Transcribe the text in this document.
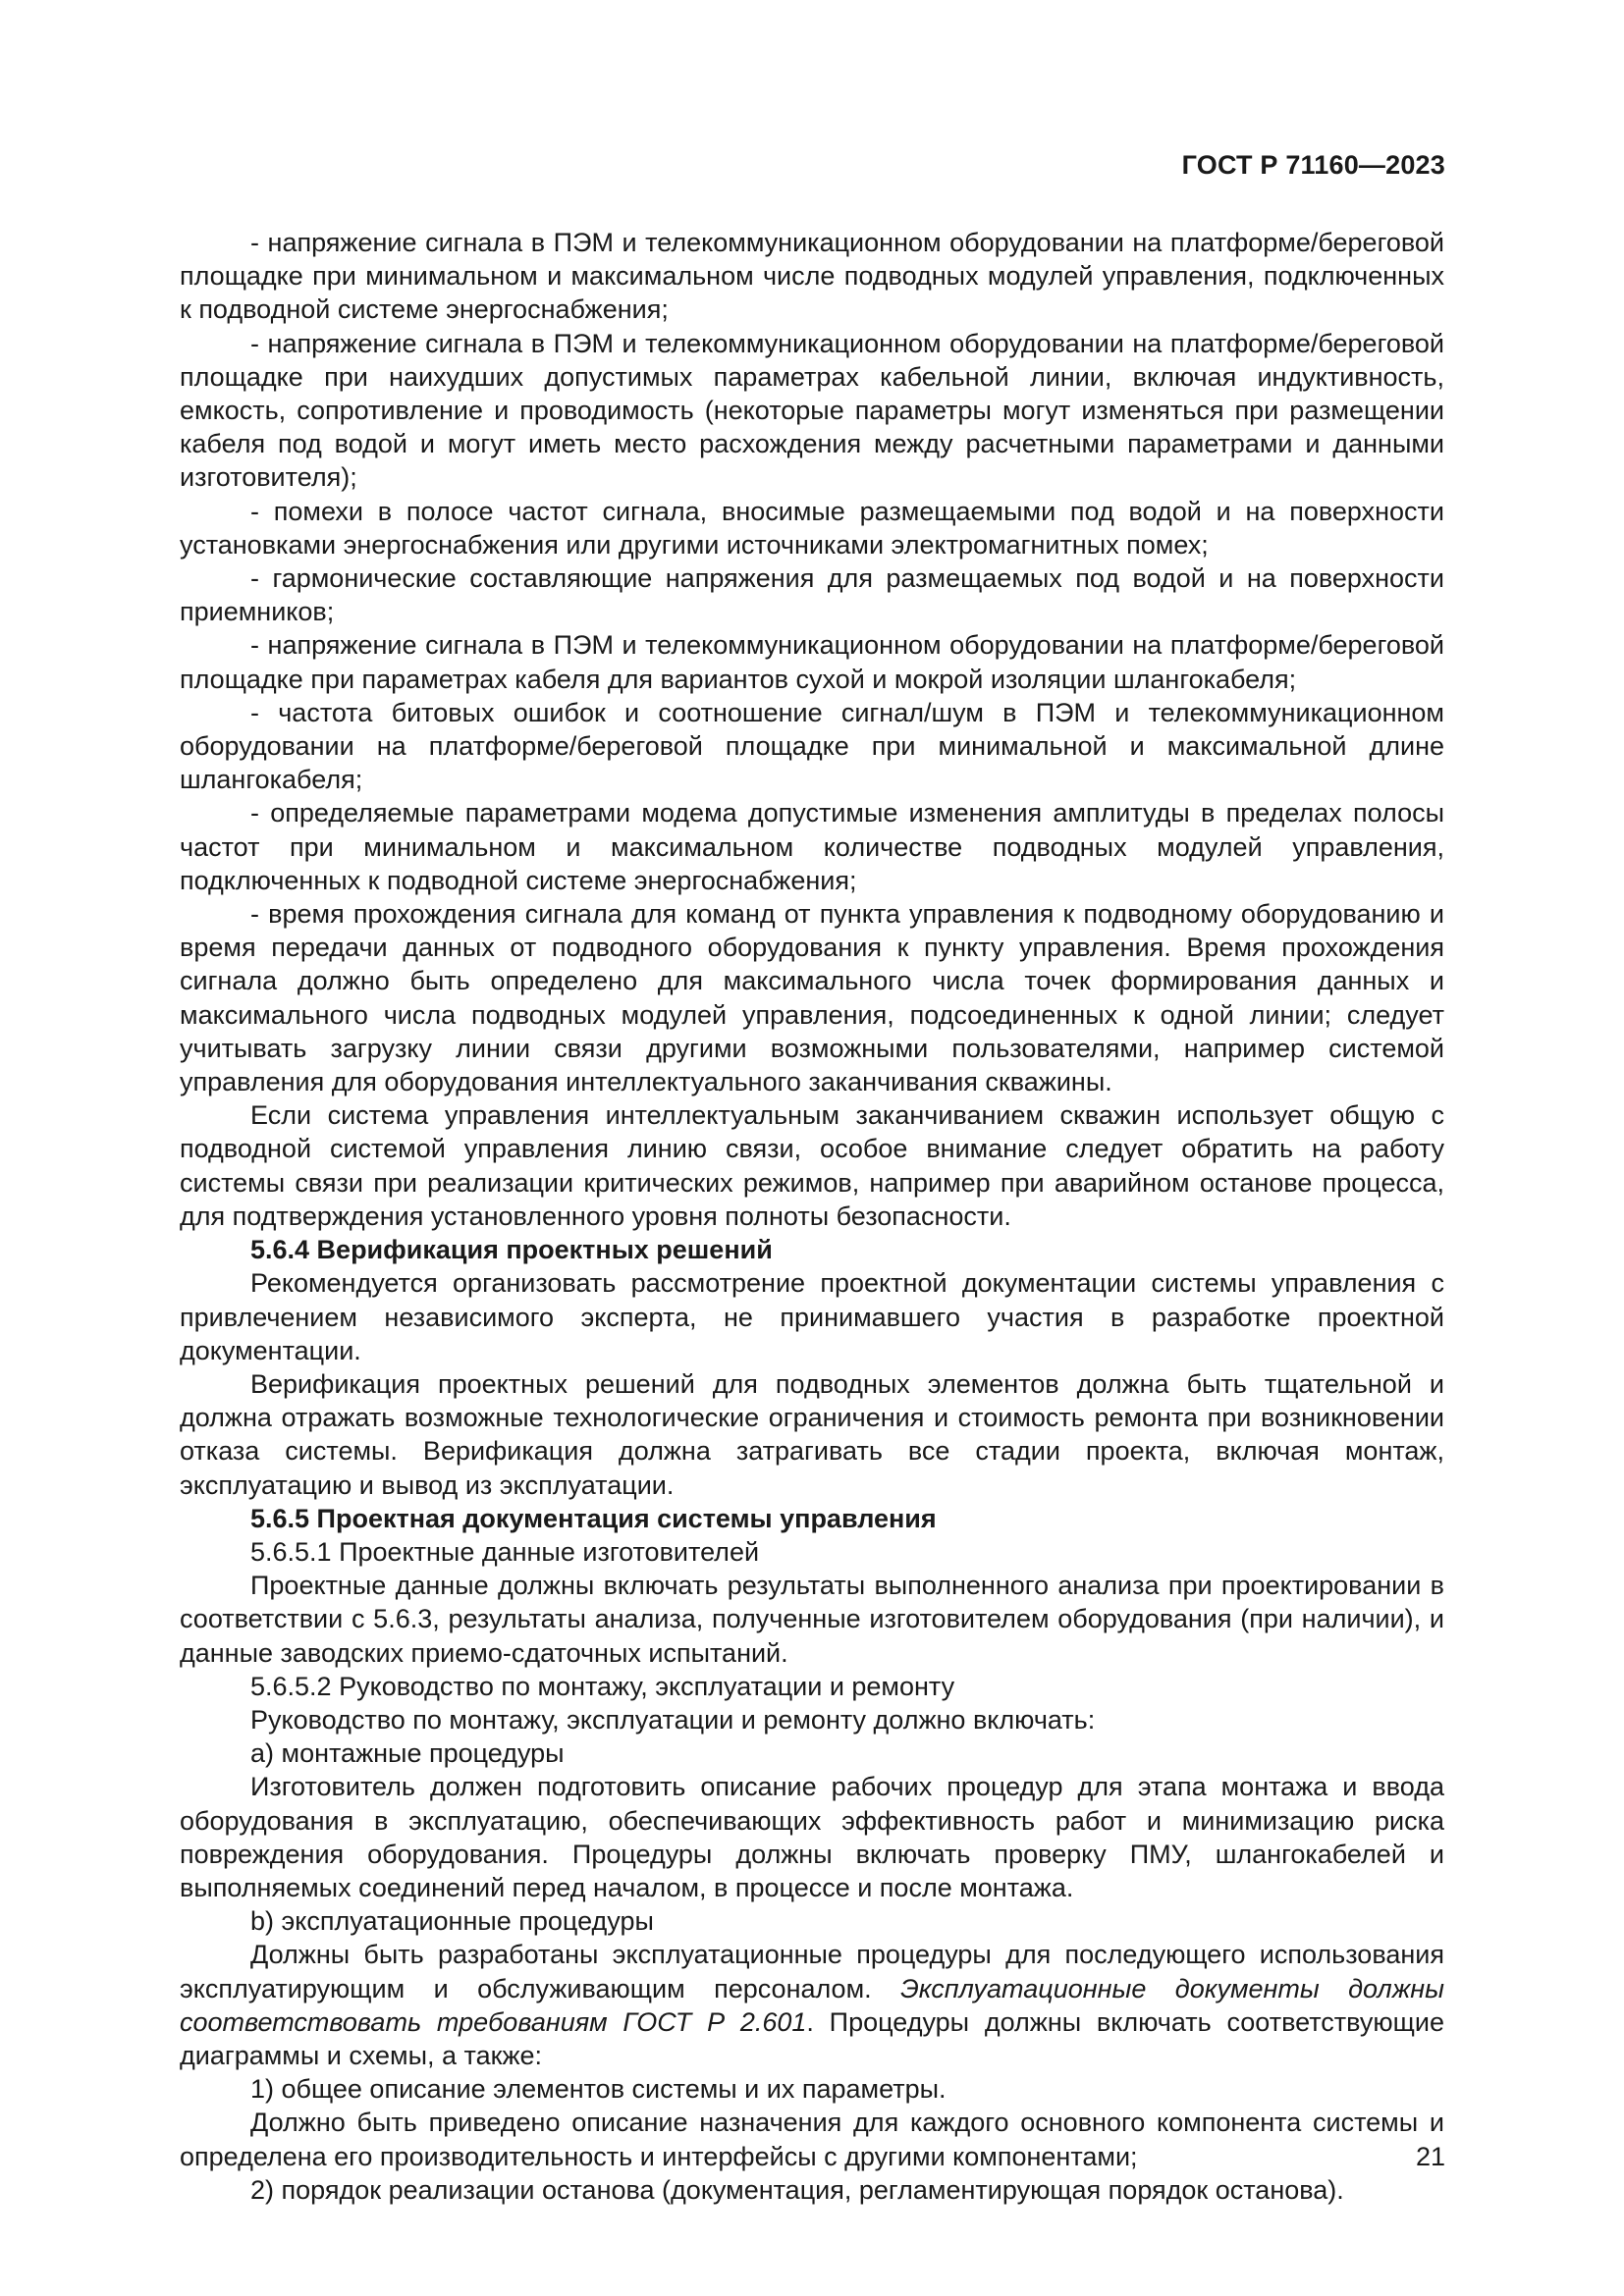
ГОСТ Р 71160—2023

- напряжение сигнала в ПЭМ и телекоммуникационном оборудовании на платформе/береговой площадке при минимальном и максимальном числе подводных модулей управления, подключенных к подводной системе энергоснабжения;

- напряжение сигнала в ПЭМ и телекоммуникационном оборудовании на платформе/береговой площадке при наихудших допустимых параметрах кабельной линии, включая индуктивность, емкость, сопротивление и проводимость (некоторые параметры могут изменяться при размещении кабеля под водой и могут иметь место расхождения между расчетными параметрами и данными изготовителя);

- помехи в полосе частот сигнала, вносимые размещаемыми под водой и на поверхности установками энергоснабжения или другими источниками электромагнитных помех;

- гармонические составляющие напряжения для размещаемых под водой и на поверхности приемников;

- напряжение сигнала в ПЭМ и телекоммуникационном оборудовании на платформе/береговой площадке при параметрах кабеля для вариантов сухой и мокрой изоляции шлангокабеля;

- частота битовых ошибок и соотношение сигнал/шум в ПЭМ и телекоммуникационном оборудовании на платформе/береговой площадке при минимальной и максимальной длине шлангокабеля;

- определяемые параметрами модема допустимые изменения амплитуды в пределах полосы частот при минимальном и максимальном количестве подводных модулей управления, подключенных к подводной системе энергоснабжения;

- время прохождения сигнала для команд от пункта управления к подводному оборудованию и время передачи данных от подводного оборудования к пункту управления. Время прохождения сигнала должно быть определено для максимального числа точек формирования данных и максимального числа подводных модулей управления, подсоединенных к одной линии; следует учитывать загрузку линии связи другими возможными пользователями, например системой управления для оборудования интеллектуального заканчивания скважины.

Если система управления интеллектуальным заканчиванием скважин использует общую с подводной системой управления линию связи, особое внимание следует обратить на работу системы связи при реализации критических режимов, например при аварийном останове процесса, для подтверждения установленного уровня полноты безопасности.

5.6.4 Верификация проектных решений

Рекомендуется организовать рассмотрение проектной документации системы управления с привлечением независимого эксперта, не принимавшего участия в разработке проектной документации.

Верификация проектных решений для подводных элементов должна быть тщательной и должна отражать возможные технологические ограничения и стоимость ремонта при возникновении отказа системы. Верификация должна затрагивать все стадии проекта, включая монтаж, эксплуатацию и вывод из эксплуатации.

5.6.5 Проектная документация системы управления

5.6.5.1 Проектные данные изготовителей

Проектные данные должны включать результаты выполненного анализа при проектировании в соответствии с 5.6.3, результаты анализа, полученные изготовителем оборудования (при наличии), и данные заводских приемо-сдаточных испытаний.

5.6.5.2 Руководство по монтажу, эксплуатации и ремонту

Руководство по монтажу, эксплуатации и ремонту должно включать:

а) монтажные процедуры

Изготовитель должен подготовить описание рабочих процедур для этапа монтажа и ввода оборудования в эксплуатацию, обеспечивающих эффективность работ и минимизацию риска повреждения оборудования. Процедуры должны включать проверку ПМУ, шлангокабелей и выполняемых соединений перед началом, в процессе и после монтажа.

b) эксплуатационные процедуры

Должны быть разработаны эксплуатационные процедуры для последующего использования эксплуатирующим и обслуживающим персоналом. Эксплуатационные документы должны соответствовать требованиям ГОСТ Р 2.601. Процедуры должны включать соответствующие диаграммы и схемы, а также:

1) общее описание элементов системы и их параметры.

Должно быть приведено описание назначения для каждого основного компонента системы и определена его производительность и интерфейсы с другими компонентами;

2) порядок реализации останова (документация, регламентирующая порядок останова).

21
